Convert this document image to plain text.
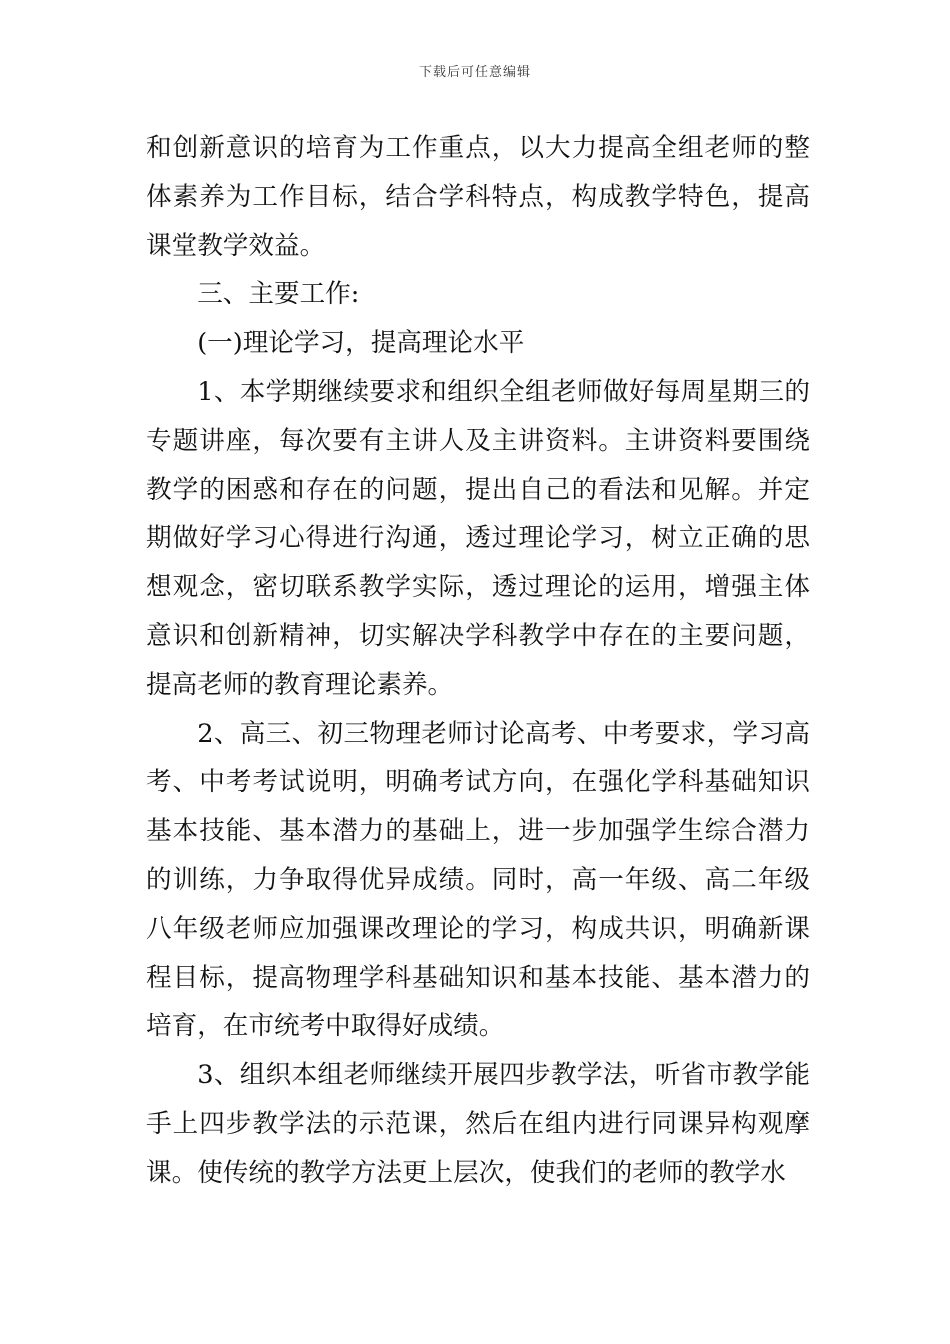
下载后可任意编辑

和创新意识的培育为工作重点，以大力提高全组老师的整体素养为工作目标，结合学科特点，构成教学特色，提高课堂教学效益。

三、主要工作:

(一)理论学习，提高理论水平

1、本学期继续要求和组织全组老师做好每周星期三的专题讲座，每次要有主讲人及主讲资料。主讲资料要围绕教学的困惑和存在的问题，提出自己的看法和见解。并定期做好学习心得进行沟通，透过理论学习，树立正确的思想观念，密切联系教学实际，透过理论的运用，增强主体意识和创新精神，切实解决学科教学中存在的主要问题，提高老师的教育理论素养。

2、高三、初三物理老师讨论高考、中考要求，学习高考、中考考试说明，明确考试方向，在强化学科基础知识基本技能、基本潜力的基础上，进一步加强学生综合潜力的训练，力争取得优异成绩。同时，高一年级、高二年级八年级老师应加强课改理论的学习，构成共识，明确新课程目标，提高物理学科基础知识和基本技能、基本潜力的培育，在市统考中取得好成绩。

3、组织本组老师继续开展四步教学法，听省市教学能手上四步教学法的示范课，然后在组内进行同课异构观摩课。使传统的教学方法更上层次，使我们的老师的教学水
